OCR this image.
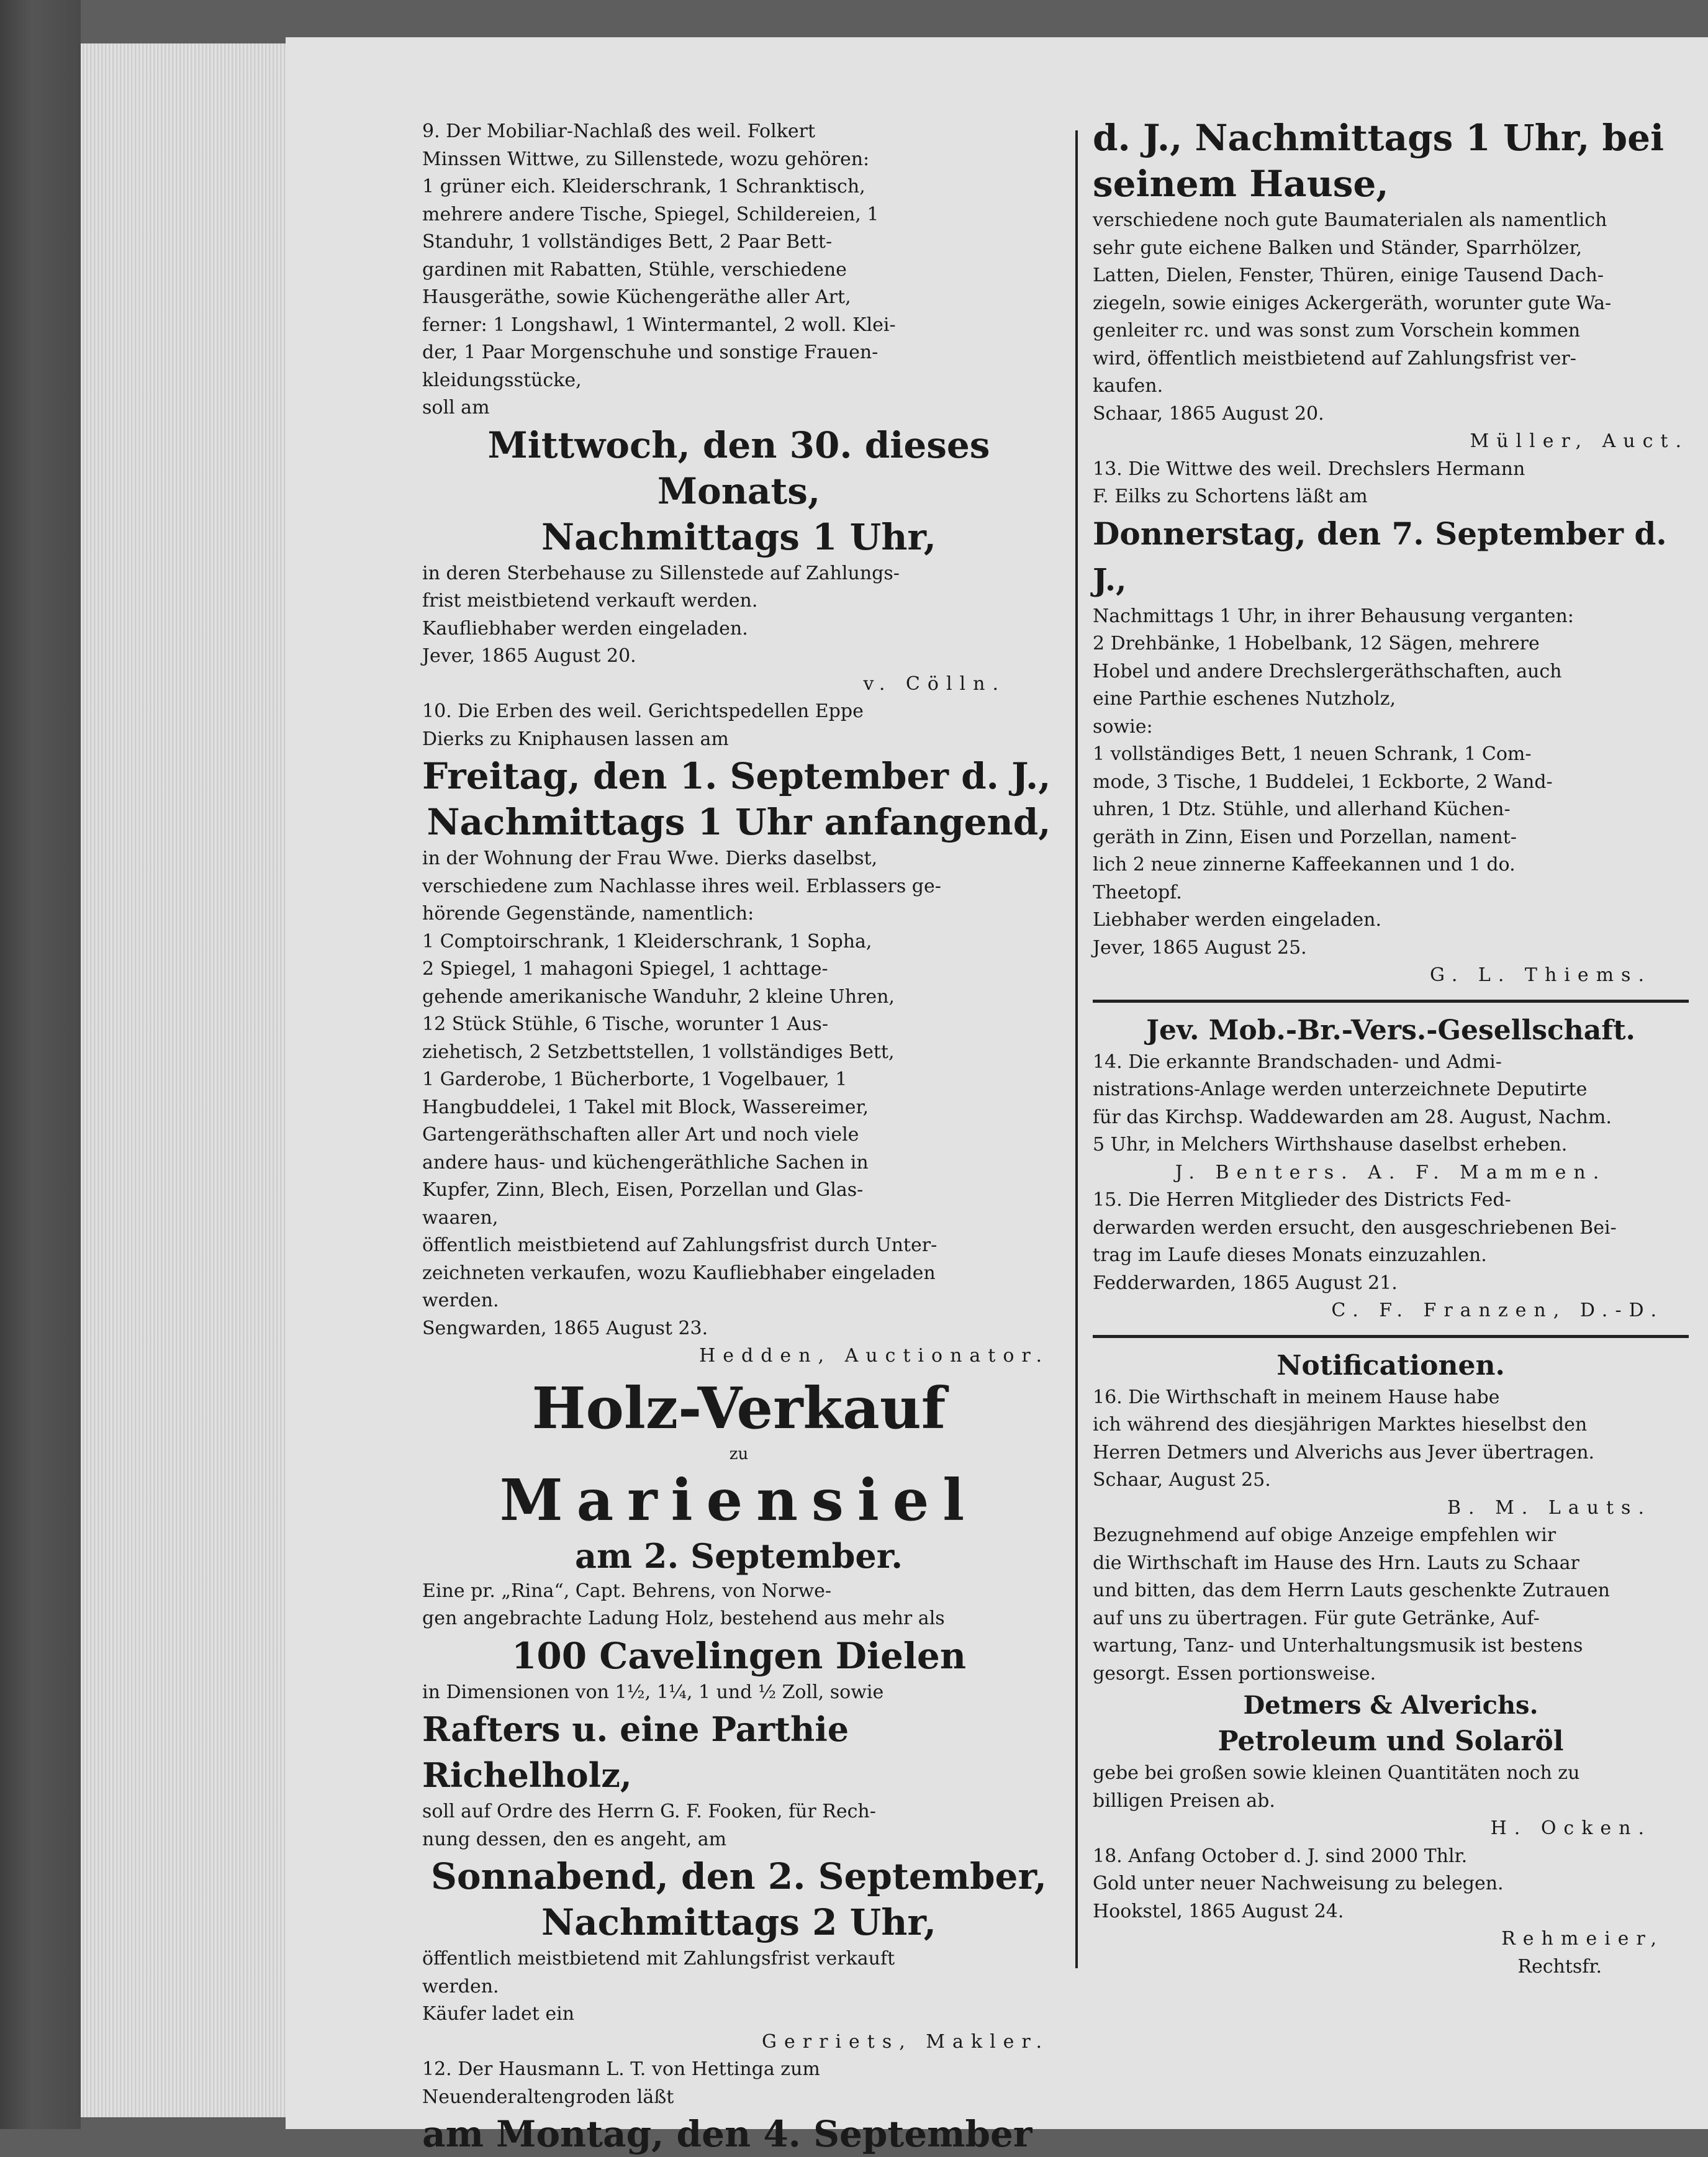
9. Der Mobiliar-Nachlaß des weil. Folkert
Minssen Wittwe, zu Sillenstede, wozu gehören:
1 grüner eich. Kleiderschrank, 1 Schranktisch,
mehrere andere Tische, Spiegel, Schildereien, 1
Standuhr, 1 vollständiges Bett, 2 Paar Bett-
gardinen mit Rabatten, Stühle, verschiedene
Hausgeräthe, sowie Küchengeräthe aller Art,
ferner: 1 Longshawl, 1 Wintermantel, 2 woll. Klei-
der, 1 Paar Morgenschuhe und sonstige Frauen-
kleidungsstücke,
soll am
Mittwoch, den 30. dieses Monats,
Nachmittags 1 Uhr,
in deren Sterbehause zu Sillenstede auf Zahlungs-
frist meistbietend verkauft werden.
Kaufliebhaber werden eingeladen.
Jever, 1865 August 20.
v. Cölln.
10. Die Erben des weil. Gerichtspedellen Eppe
Dierks zu Kniphausen lassen am
Freitag, den 1. September d. J.,
Nachmittags 1 Uhr anfangend,
in der Wohnung der Frau Wwe. Dierks daselbst,
verschiedene zum Nachlasse ihres weil. Erblassers ge-
hörende Gegenstände, namentlich:
1 Comptoirschrank, 1 Kleiderschrank, 1 Sopha,
2 Spiegel, 1 mahagoni Spiegel, 1 achttage-
gehende amerikanische Wanduhr, 2 kleine Uhren,
12 Stück Stühle, 6 Tische, worunter 1 Aus-
ziehetisch, 2 Setzbettstellen, 1 vollständiges Bett,
1 Garderobe, 1 Bücherborte, 1 Vogelbauer, 1
Hangbuddelei, 1 Takel mit Block, Wassereimer,
Gartengeräthschaften aller Art und noch viele
andere haus- und küchengeräthliche Sachen in
Kupfer, Zinn, Blech, Eisen, Porzellan und Glas-
waaren,
öffentlich meistbietend auf Zahlungsfrist durch Unter-
zeichneten verkaufen, wozu Kaufliebhaber eingeladen
werden.
Sengwarden, 1865 August 23.
Hedden, Auctionator.
Holz-Verkauf
zu
Mariensiel
am 2. September.
Eine pr. „Rina“, Capt. Behrens, von Norwe-
gen angebrachte Ladung Holz, bestehend aus mehr als
100 Cavelingen Dielen
in Dimensionen von 1½, 1¼, 1 und ½ Zoll, sowie
Rafters u. eine Parthie Richelholz,
soll auf Ordre des Herrn G. F. Fooken, für Rech-
nung dessen, den es angeht, am
Sonnabend, den 2. September,
Nachmittags 2 Uhr,
öffentlich meistbietend mit Zahlungsfrist verkauft
werden.
Käufer ladet ein
Gerriets, Makler.
12. Der Hausmann L. T. von Hettinga zum
Neuenderaltengroden läßt
am Montag, den 4. September
d. J., Nachmittags 1 Uhr, bei
seinem Hause,
verschiedene noch gute Baumaterialen als namentlich
sehr gute eichene Balken und Ständer, Sparrhölzer,
Latten, Dielen, Fenster, Thüren, einige Tausend Dach-
ziegeln, sowie einiges Ackergeräth, worunter gute Wa-
genleiter rc. und was sonst zum Vorschein kommen
wird, öffentlich meistbietend auf Zahlungsfrist ver-
kaufen.
Schaar, 1865 August 20.
Müller, Auct.
13. Die Wittwe des weil. Drechslers Hermann
F. Eilks zu Schortens läßt am
Donnerstag, den 7. September d. J.,
Nachmittags 1 Uhr, in ihrer Behausung verganten:
2 Drehbänke, 1 Hobelbank, 12 Sägen, mehrere
Hobel und andere Drechslergeräthschaften, auch
eine Parthie eschenes Nutzholz,
sowie:
1 vollständiges Bett, 1 neuen Schrank, 1 Com-
mode, 3 Tische, 1 Buddelei, 1 Eckborte, 2 Wand-
uhren, 1 Dtz. Stühle, und allerhand Küchen-
geräth in Zinn, Eisen und Porzellan, nament-
lich 2 neue zinnerne Kaffeekannen und 1 do.
Theetopf.
Liebhaber werden eingeladen.
Jever, 1865 August 25.
G. L. Thiems.
Jev. Mob.-Br.-Vers.-Gesellschaft.
14. Die erkannte Brandschaden- und Admi-
nistrations-Anlage werden unterzeichnete Deputirte
für das Kirchsp. Waddewarden am 28. August, Nachm.
5 Uhr, in Melchers Wirthshause daselbst erheben.
J. Benters. A. F. Mammen.
15. Die Herren Mitglieder des Districts Fed-
derwarden werden ersucht, den ausgeschriebenen Bei-
trag im Laufe dieses Monats einzuzahlen.
Fedderwarden, 1865 August 21.
C. F. Franzen, D.-D.
Notificationen.
16. Die Wirthschaft in meinem Hause habe
ich während des diesjährigen Marktes hieselbst den
Herren Detmers und Alverichs aus Jever übertragen.
Schaar, August 25.
B. M. Lauts.
Bezugnehmend auf obige Anzeige empfehlen wir
die Wirthschaft im Hause des Hrn. Lauts zu Schaar
und bitten, das dem Herrn Lauts geschenkte Zutrauen
auf uns zu übertragen. Für gute Getränke, Auf-
wartung, Tanz- und Unterhaltungsmusik ist bestens
gesorgt. Essen portionsweise.
Detmers & Alverichs.
Petroleum und Solaröl
gebe bei großen sowie kleinen Quantitäten noch zu
billigen Preisen ab.
H. Ocken.
18. Anfang October d. J. sind 2000 Thlr.
Gold unter neuer Nachweisung zu belegen.
Hookstel, 1865 August 24.
Rehmeier,
Rechtsfr.
